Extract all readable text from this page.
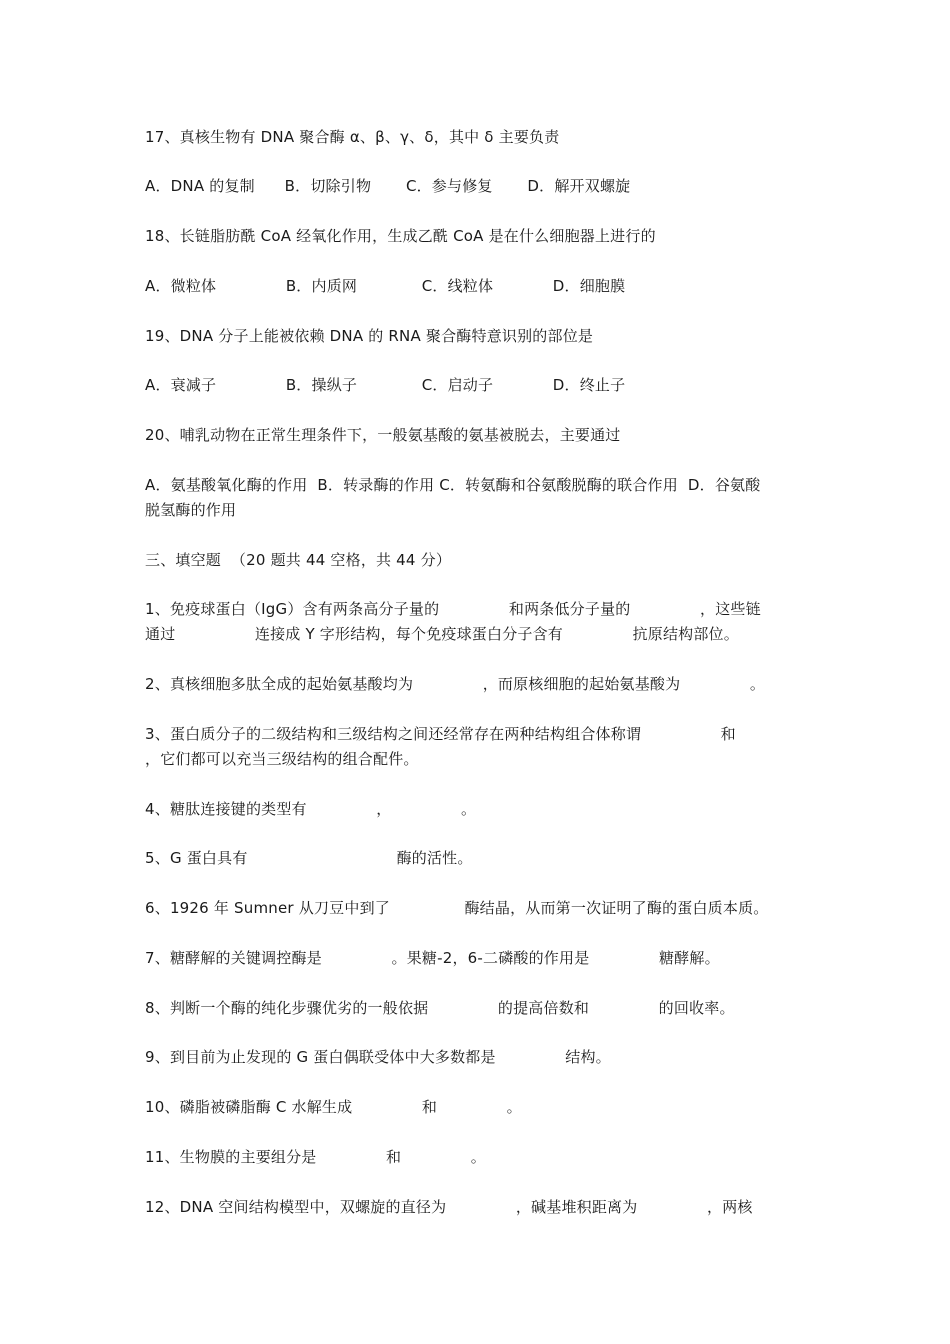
17、真核生物有 DNA 聚合酶 α、β、γ、δ，其中 δ 主要负责
A．DNA 的复制      B．切除引物       C．参与修复       D．解开双螺旋
18、长链脂肪酰 CoA 经氧化作用，生成乙酰 CoA 是在什么细胞器上进行的
A．微粒体              B．内质网             C．线粒体            D．细胞膜
19、DNA 分子上能被依赖 DNA 的 RNA 聚合酶特意识别的部位是
A．衰减子              B．操纵子             C．启动子            D．终止子
20、哺乳动物在正常生理条件下，一般氨基酸的氨基被脱去，主要通过
A．氨基酸氧化酶的作用  B．转录酶的作用 C．转氨酶和谷氨酸脱酶的联合作用  D．谷氨酸
脱氢酶的作用
三、填空题  （20 题共 44 空格，共 44 分）
1、免疫球蛋白（IgG）含有两条高分子量的              和两条低分子量的              ，这些链
通过                连接成 Y 字形结构，每个免疫球蛋白分子含有              抗原结构部位。
2、真核细胞多肽全成的起始氨基酸均为              ，而原核细胞的起始氨基酸为              。
3、蛋白质分子的二级结构和三级结构之间还经常存在两种结构组合体称谓                和
，它们都可以充当三级结构的组合配件。
4、糖肽连接键的类型有              ，              。
5、G 蛋白具有                              酶的活性。
6、1926 年 Sumner 从刀豆中到了               酶结晶，从而第一次证明了酶的蛋白质本质。
7、糖酵解的关键调控酶是              。果糖-2，6-二磷酸的作用是              糖酵解。
8、判断一个酶的纯化步骤优劣的一般依据              的提高倍数和              的回收率。
9、到目前为止发现的 G 蛋白偶联受体中大多数都是              结构。
10、磷脂被磷脂酶 C 水解生成              和              。
11、生物膜的主要组分是              和              。
12、DNA 空间结构模型中，双螺旋的直径为              ，碱基堆积距离为              ，两核
